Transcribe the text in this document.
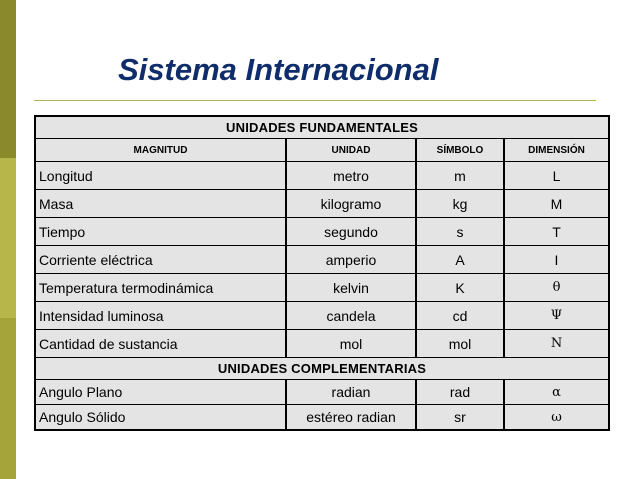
Sistema Internacional
UNIDADES FUNDAMENTALES			
MAGNITUD	UNIDAD	SÍMBOLO	DIMENSIÓN
Longitud	metro	m	L
Masa	kilogramo	kg	M
Tiempo	segundo	s	T
Corriente eléctrica	amperio	A	I
Temperatura termodinámica	kelvin	K	θ
Intensidad luminosa	candela	cd	Ψ
Cantidad de sustancia	mol	mol	N
UNIDADES COMPLEMENTARIAS			
Angulo Plano	radian	rad	α
Angulo Sólido	estéreo radian	sr	ω
